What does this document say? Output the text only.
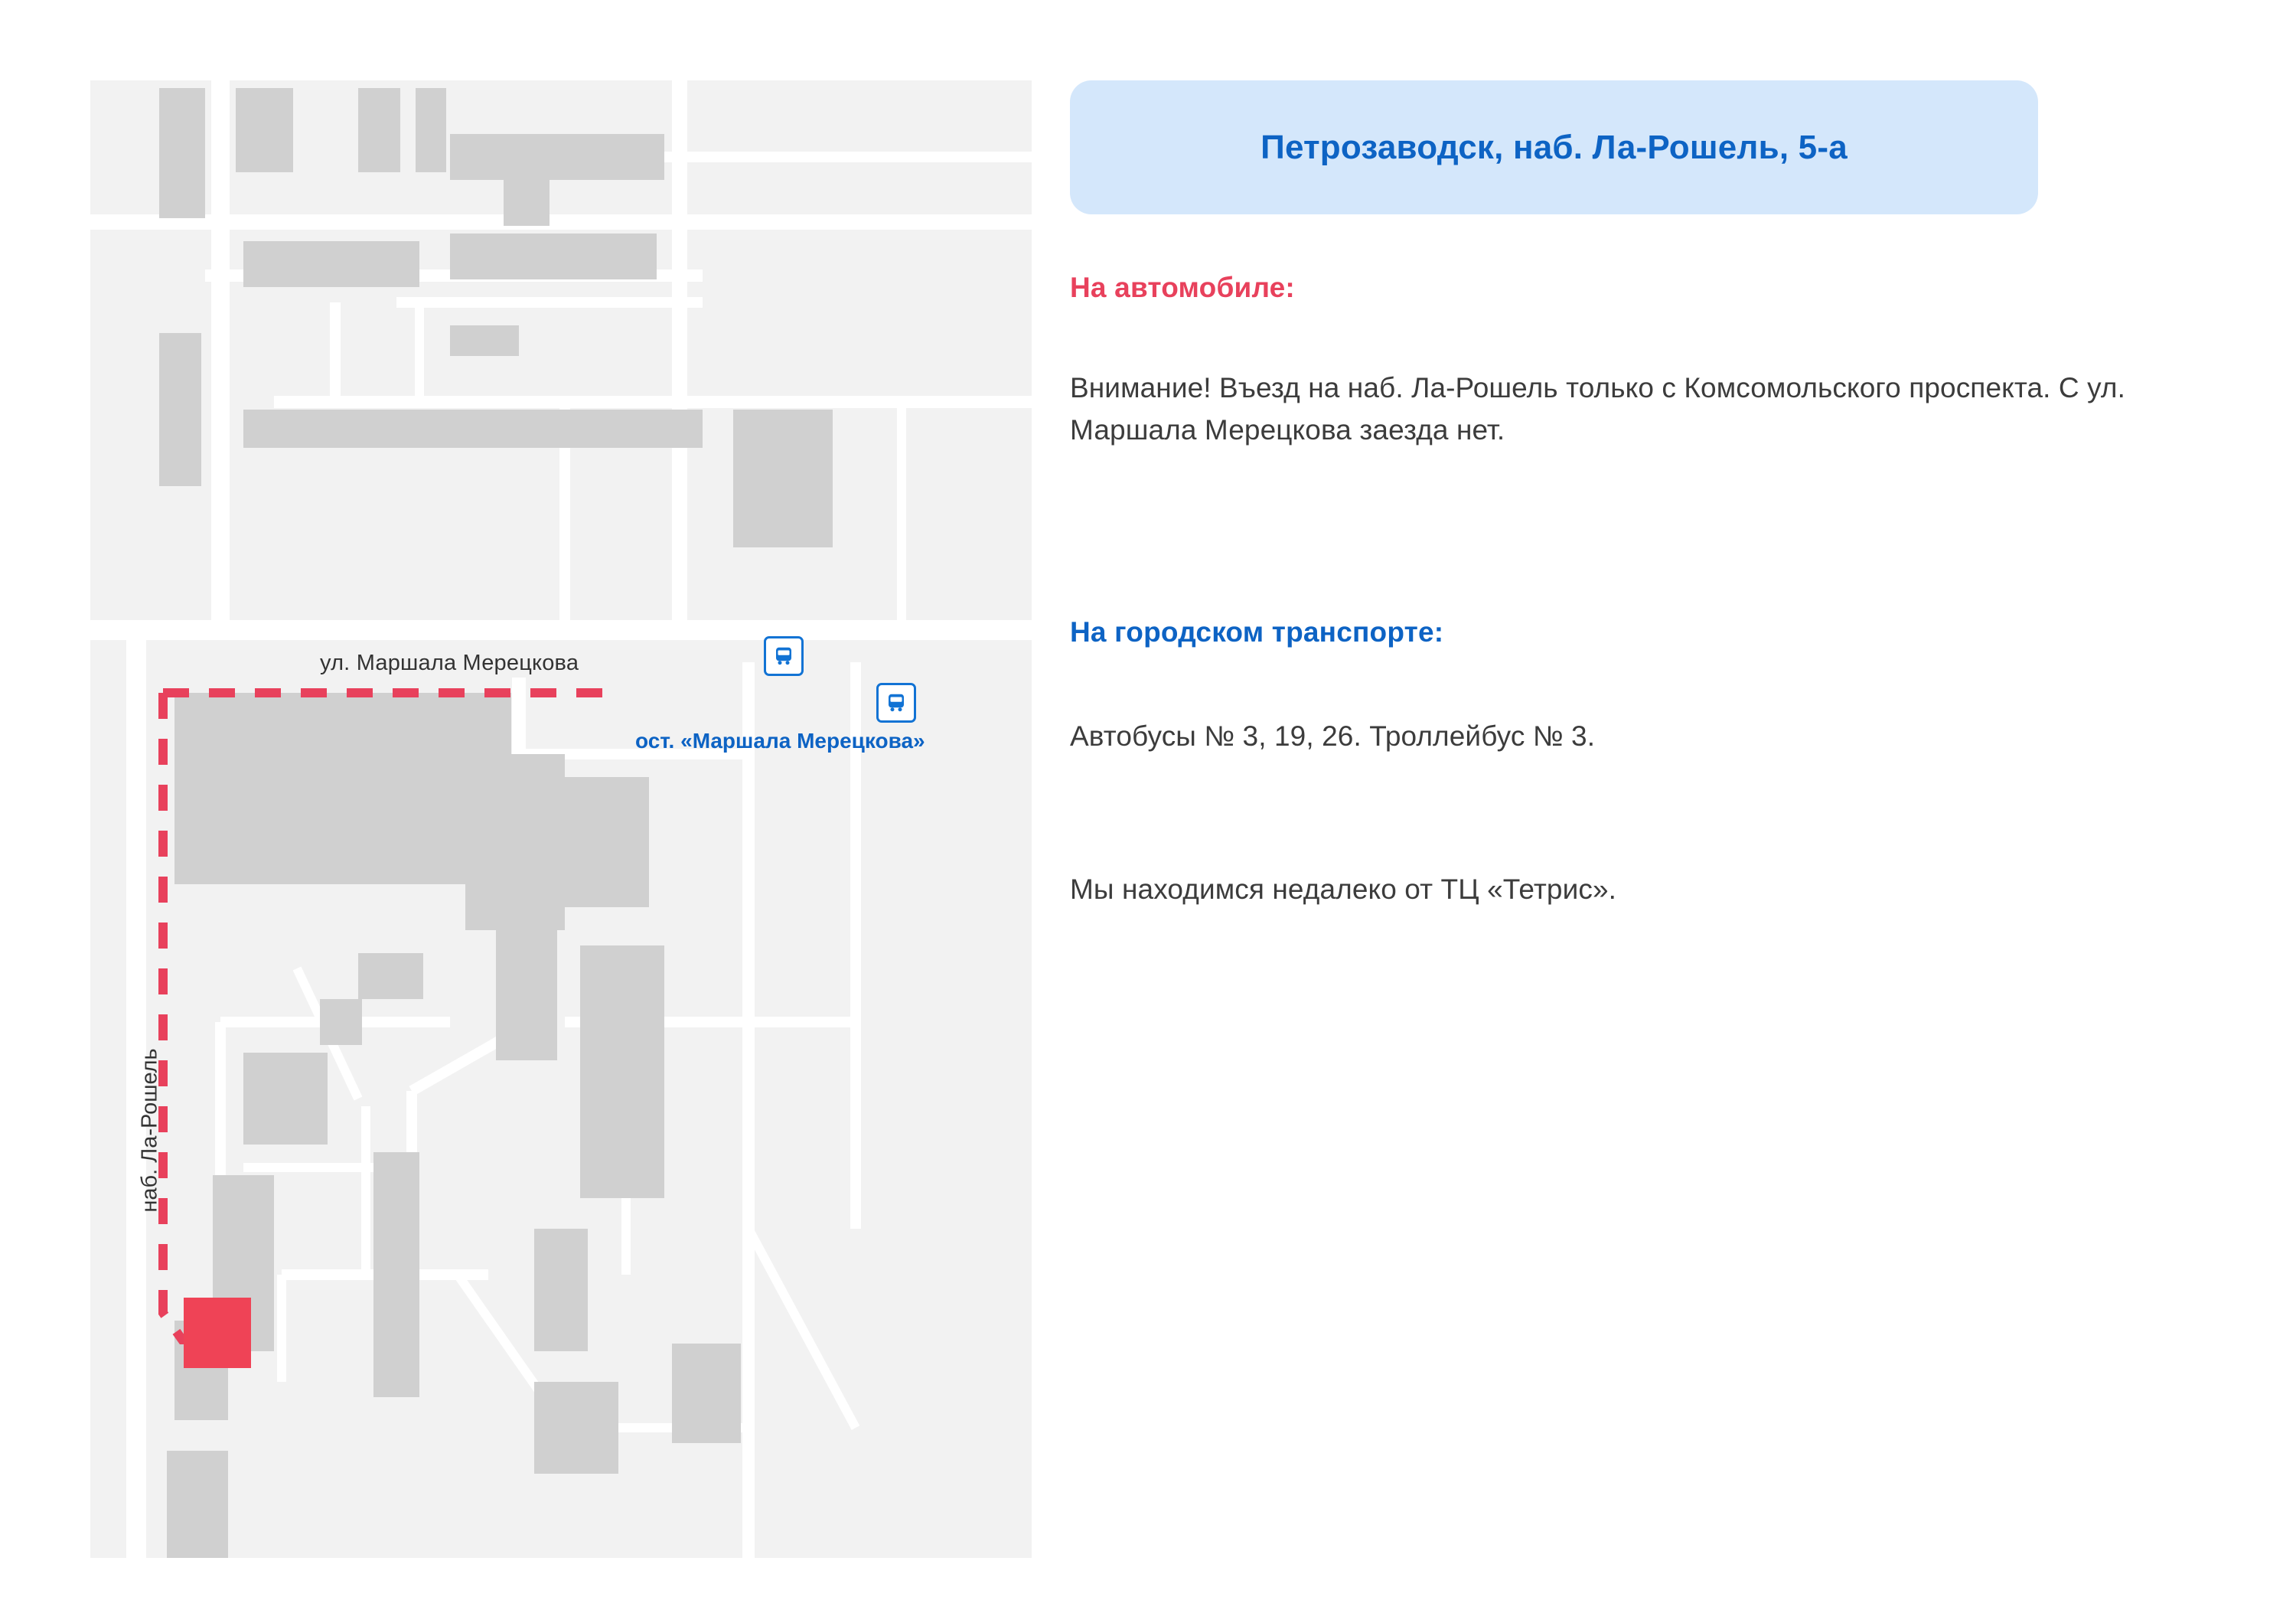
ул. Маршала Мерецкова
наб. Ла-Рошель
ост. «Маршала Мерецкова»
Петрозаводск, наб. Ла-Рошель, 5-а
На автомобиле:
Внимание! Въезд на наб. Ла-Рошель только с Комсомольского проспекта. С ул. Маршала Мерецкова заезда нет.
На городском транспорте:
Автобусы № 3, 19, 26. Троллейбус № 3.
Мы находимся недалеко от ТЦ «Тетрис».
